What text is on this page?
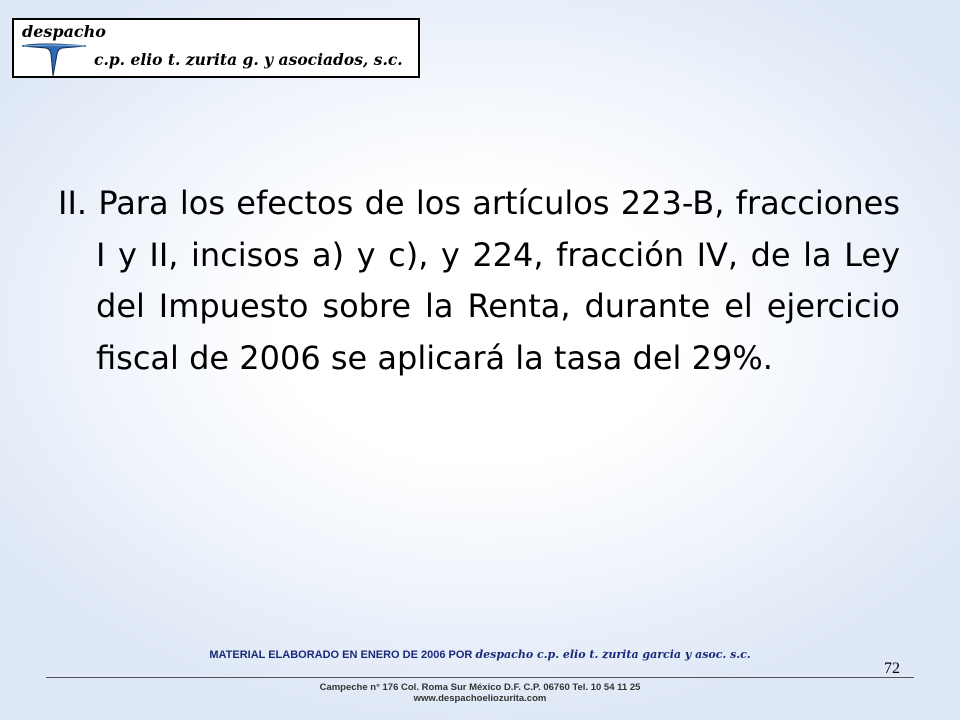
despacho
c.p. elio t. zurita g. y asociados, s.c.

II. Para los efectos de los artículos 223-B, fracciones I y II, incisos a) y c), y 224, fracción IV, de la Ley del Impuesto sobre la Renta, durante el ejercicio fiscal de 2006 se aplicará la tasa del 29%.

MATERIAL ELABORADO EN ENERO DE 2006 POR despacho c.p. elio t. zurita garcia y asoc. s.c.
72
Campeche n° 176 Col. Roma Sur México D.F. C.P. 06760 Tel. 10 54 11 25
www.despachoeliozurita.com
